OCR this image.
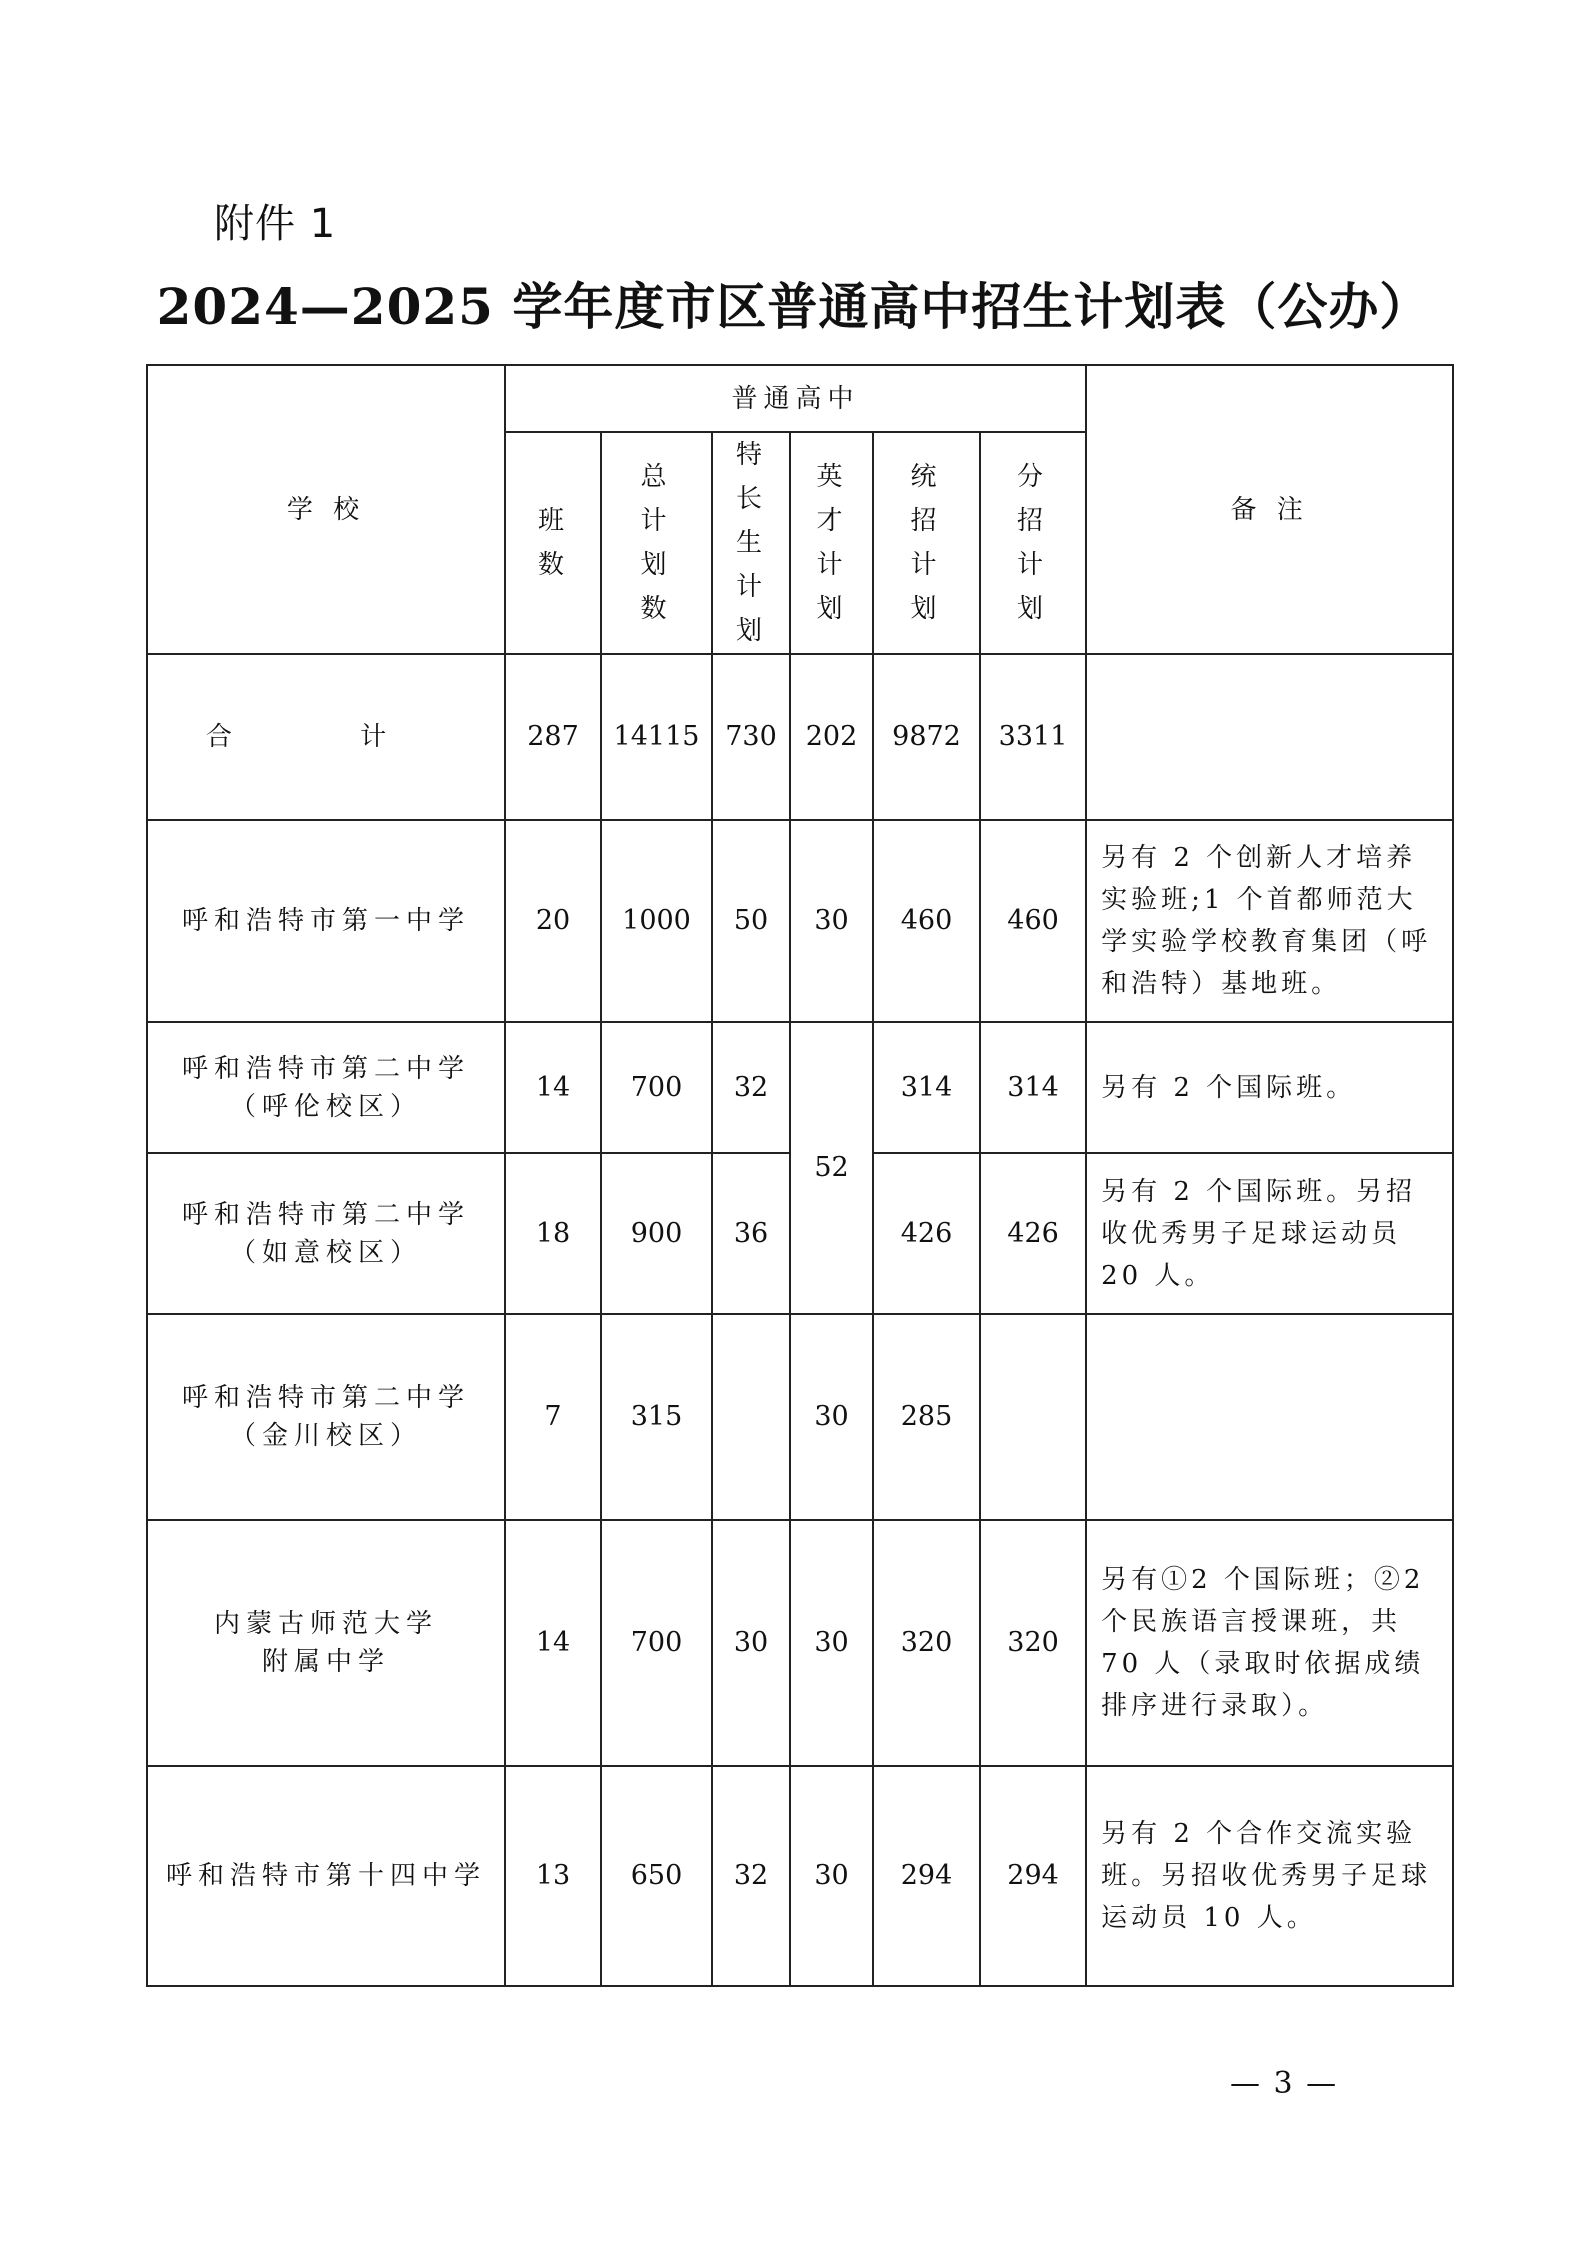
附件 1
2024—2025 学年度市区普通高中招生计划表（公办）
学 校	普通高中						备 注
	班数	总计划数	特长生计划	英才计划	统招计划	分招计划	
合 计	287	14115	730	202	9872	3311	
呼和浩特市第一中学	20	1000	50	30	460	460	另有 2 个创新人才培养实验班;1 个首都师范大学实验学校教育集团（呼和浩特）基地班。

呼和浩特市第二中学
（呼伦校区）	14	700	32	52	314	314	另有 2 个国际班。

呼和浩特市第二中学
（如意校区）	18	900	36		426	426	另有 2 个国际班。另招收优秀男子足球运动员 20 人。

呼和浩特市第二中学
（金川校区）	7	315		30	285		

内蒙古师范大学
附属中学	14	700	30	30	320	320	另有①2 个国际班；②2 个民族语言授课班，共 70 人（录取时依据成绩排序进行录取）。
呼和浩特市第十四中学	13	650	32	30	294	294	另有 2 个合作交流实验班。另招收优秀男子足球运动员 10 人。
— 3 —
